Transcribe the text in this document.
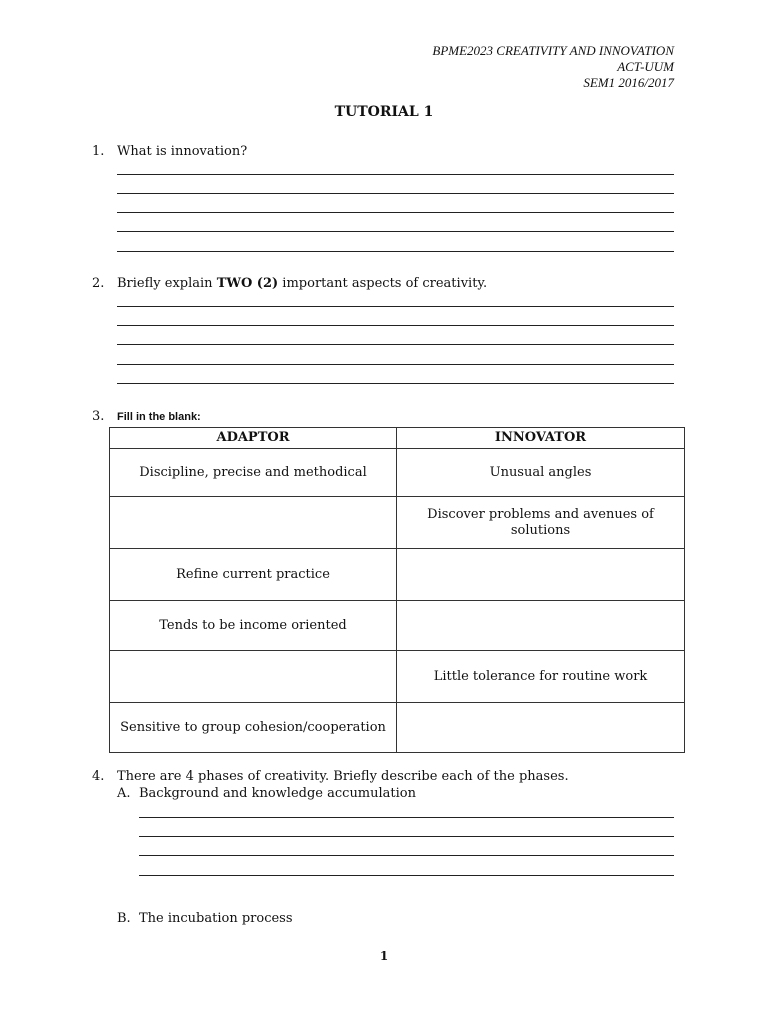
BPME2023 CREATIVITY AND INNOVATION
ACT-UUM
SEM1 2016/2017
TUTORIAL 1
1. What is innovation?
2. Briefly explain TWO (2) important aspects of creativity.
3. Fill in the blank:
ADAPTOR	INNOVATOR
Discipline, precise and methodical	Unusual angles
	Discover problems and avenues of solutions
Refine current practice	
Tends to be income oriented	
	Little tolerance for routine work
Sensitive to group cohesion/cooperation	
4. There are 4 phases of creativity. Briefly describe each of the phases.
A. Background and knowledge accumulation
B. The incubation process
1
